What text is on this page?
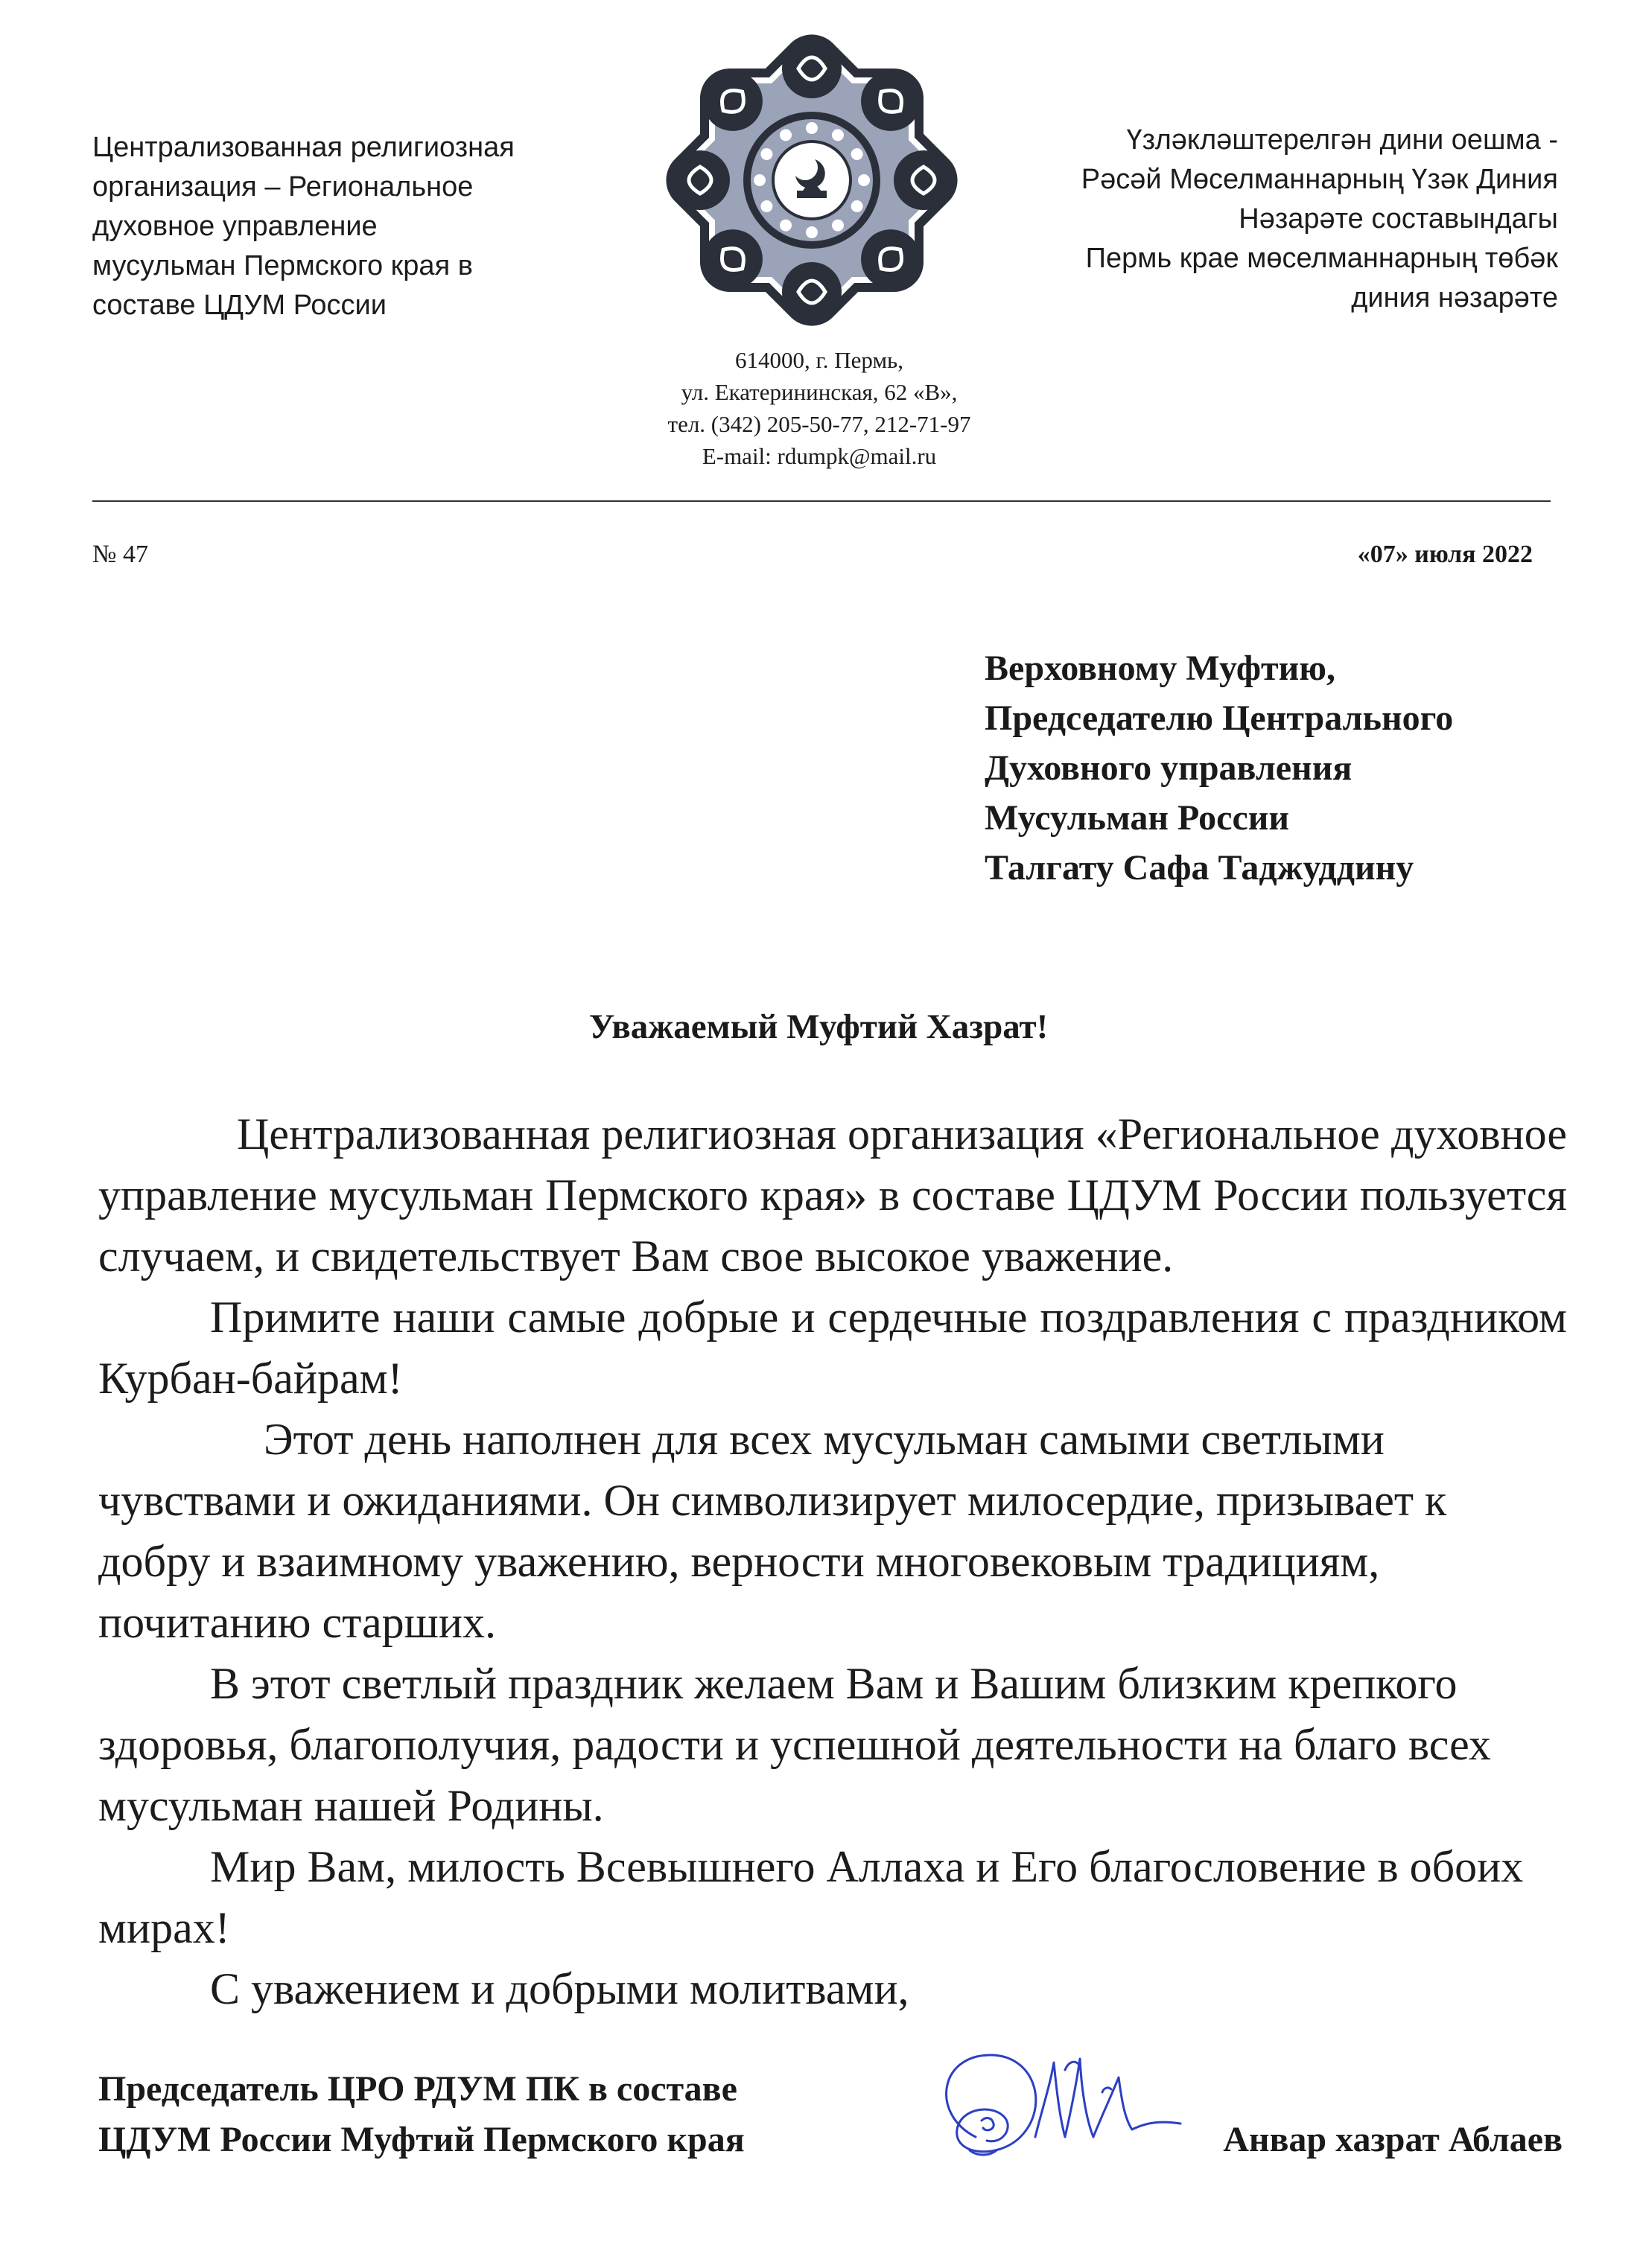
Централизованная религиозная
организация – Региональное
духовное управление
мусульман Пермского края в
составе ЦДУМ России
Үзләкләштерелгән дини оешма -
Рәсәй Мөселманнарның Үзәк Диния
Нәзарәте составындагы
Пермь крае мөселманнарның төбәк
диния нәзарәте
614000, г. Пермь,
ул. Екатерининская, 62 «В»,
тел. (342) 205-50-77, 212-71-97
E-mail: rdumpk@mail.ru
№ 47	«07» июля 2022
Верховному Муфтию,
Председателю Центрального
Духовного управления
Мусульман России
Талгату Сафа Таджуддину
Уважаемый Муфтий Хазрат!

Централизованная религиозная организация «Региональное духовное управление мусульман Пермского края» в составе ЦДУМ России пользуется случаем, и свидетельствует Вам свое высокое уважение.

Примите наши самые добрые и сердечные поздравления с праздником Курбан-байрам!

Этот день наполнен для всех мусульман самыми светлыми чувствами и ожиданиями. Он символизирует милосердие, призывает к добру и взаимному уважению, верности многовековым традициям, почитанию старших.

В этот светлый праздник желаем Вам и Вашим близким крепкого здоровья, благополучия, радости и успешной деятельности на благо всех мусульман нашей Родины.

Мир Вам, милость Всевышнего Аллаха и Его благословение в обоих мирах!

С уважением и добрыми молитвами,

Председатель ЦРО РДУМ ПК в составе
ЦДУМ России Муфтий Пермского края	Анвар хазрат Аблаев
